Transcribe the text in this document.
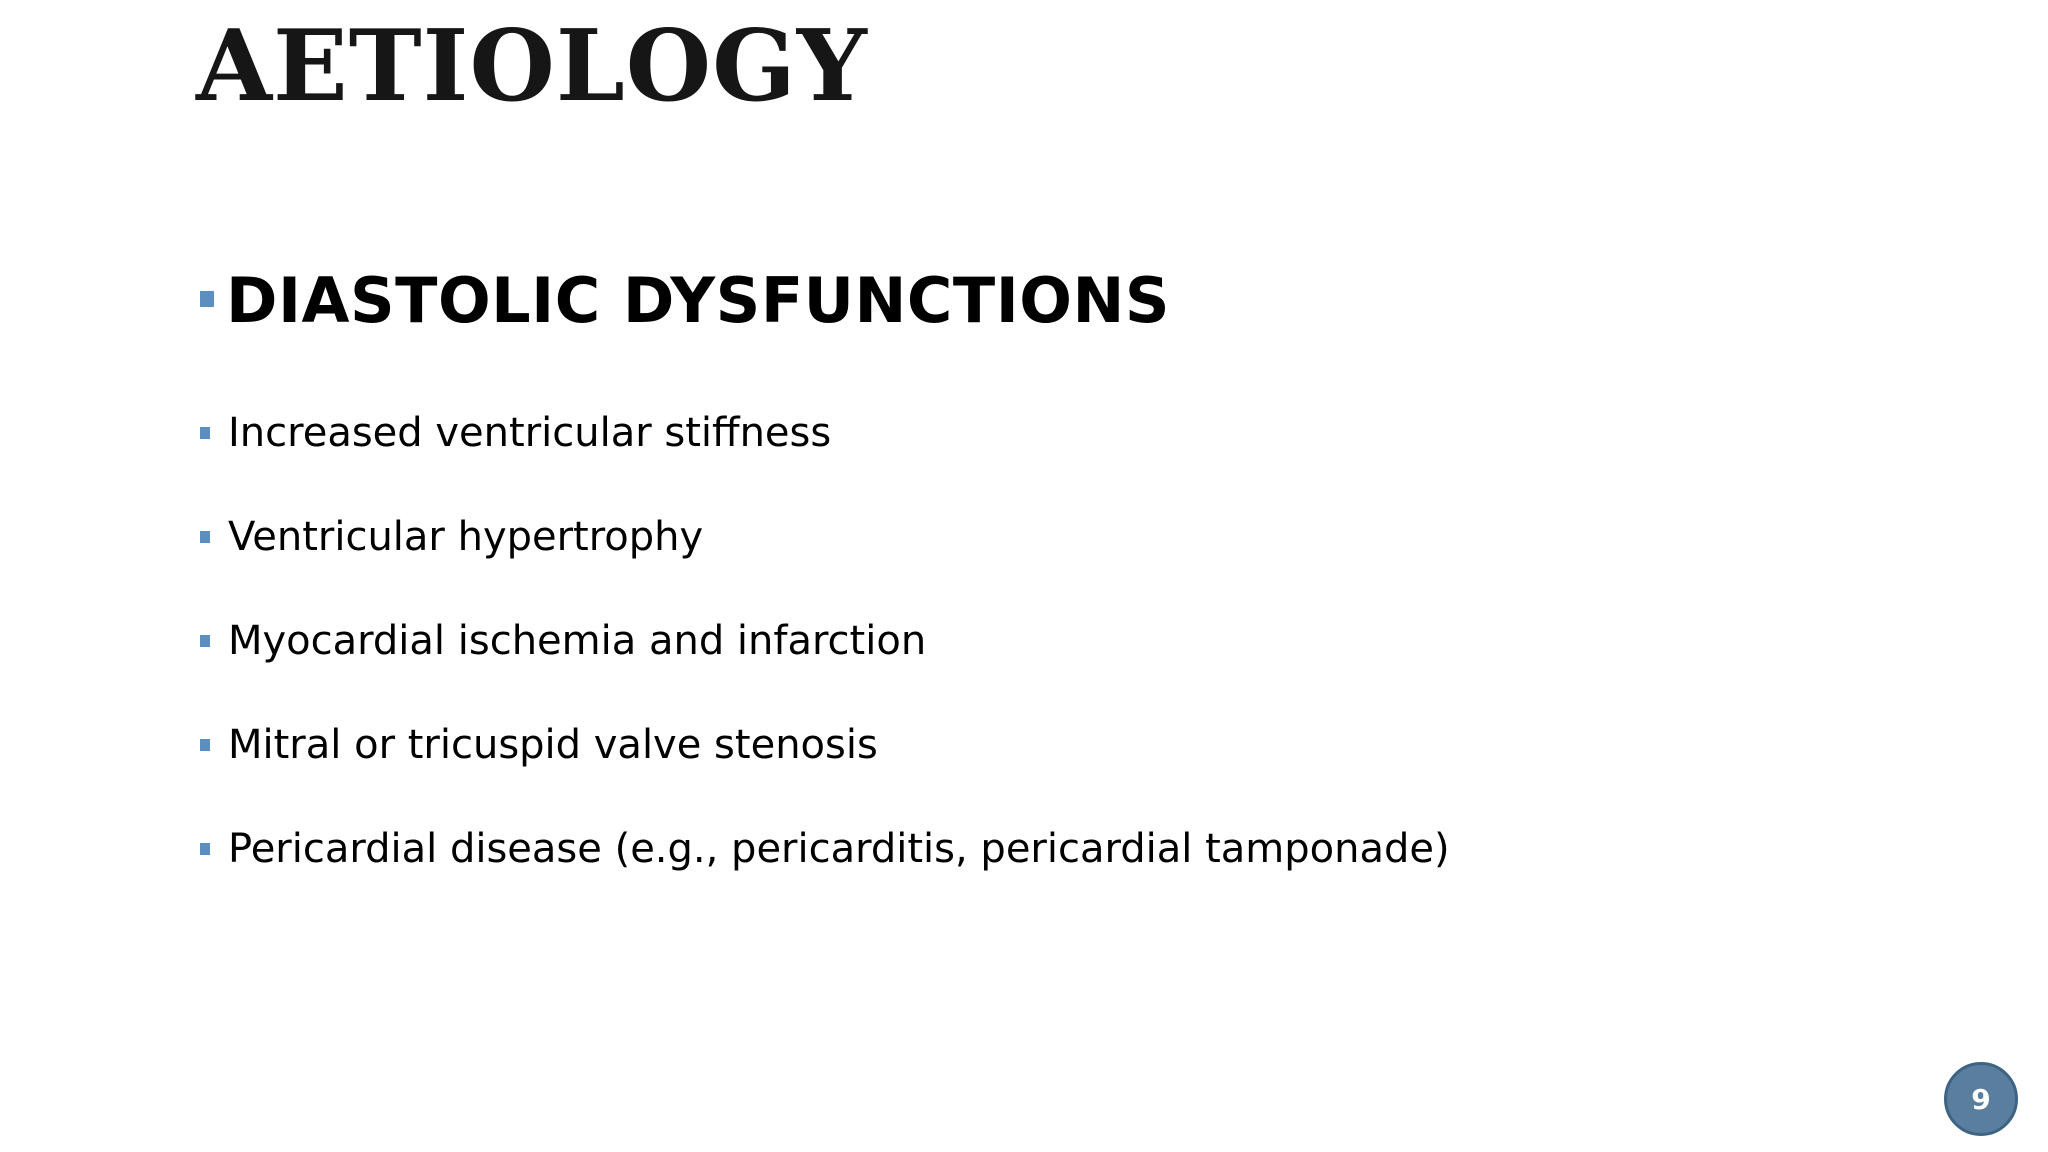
AETIOLOGY
DIASTOLIC DYSFUNCTIONS
Increased ventricular stiffness
Ventricular hypertrophy
Myocardial ischemia and infarction
Mitral or tricuspid valve stenosis
Pericardial disease (e.g., pericarditis, pericardial tamponade)
9
